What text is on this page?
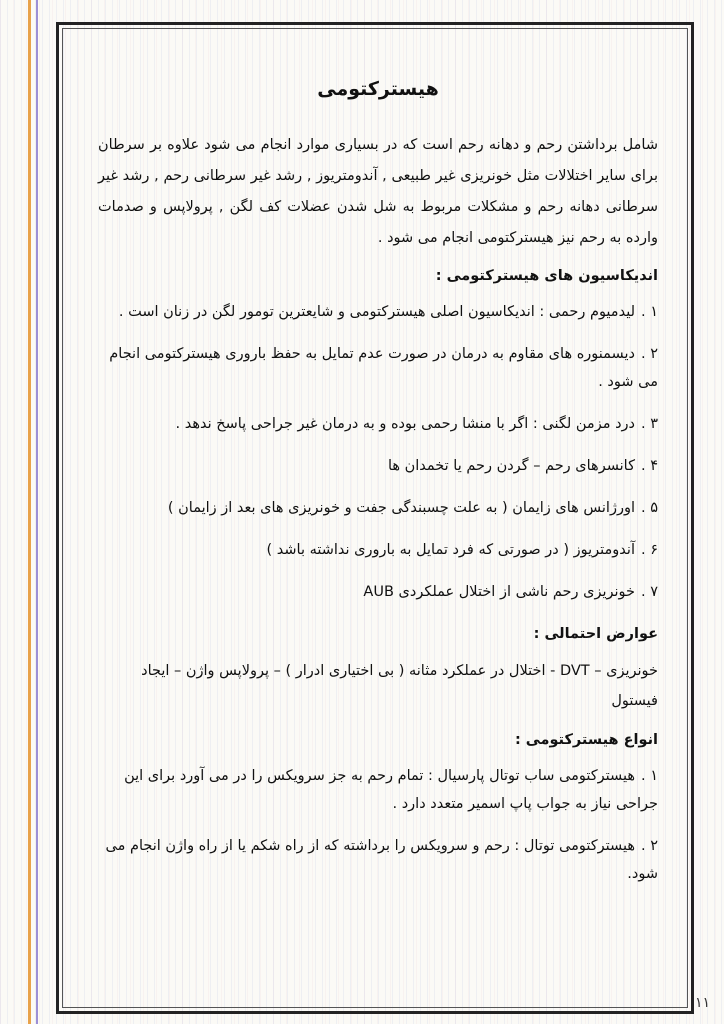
هیسترکتومی

شامل برداشتن رحم و دهانه رحم است که در بسیاری موارد انجام می شود علاوه بر سرطان برای سایر اختلالات مثل خونریزی غیر طبیعی , آندومتریوز , رشد غیر سرطانی رحم , رشد غیر سرطانی دهانه رحم و مشکلات مربوط به شل شدن عضلات کف لگن , پرولاپس و صدمات وارده به رحم نیز هیسترکتومی انجام می شود .

اندیکاسیون های هیسترکتومی :
۱ .لیدمیوم رحمی : اندیکاسیون اصلی هیسترکتومی و شایعترین تومور لگن در زنان است .
۲ .دیسمنوره های مقاوم به درمان در صورت عدم تمایل به حفظ باروری هیسترکتومی انجام می شود .
۳ .درد مزمن لگنی : اگر با منشا رحمی بوده و به درمان غیر جراحی پاسخ ندهد .
۴ .کانسرهای رحم – گردن رحم یا تخمدان ها
۵ .اورژانس های زایمان ( به علت چسبندگی جفت و خونریزی های بعد از زایمان )
۶ .آندومتریوز ( در صورتی که فرد تمایل به باروری نداشته باشد )
۷ .خونریزی رحم ناشی از اختلال عملکردی AUB
عوارض احتمالی :

خونریزی – DVT - اختلال در عملکرد مثانه ( بی اختیاری ادرار ) – پرولاپس واژن – ایجاد فیستول

انواع هیسترکتومی :
۱ .هیسترکتومی ساب توتال پارسیال : تمام رحم به جز سرویکس را در می آورد برای این جراحی نیاز به جواب پاپ اسمیر متعدد دارد .
۲ .هیسترکتومی توتال : رحم و سرویکس را برداشته که از راه شکم یا از راه واژن انجام می شود.
۱۱
